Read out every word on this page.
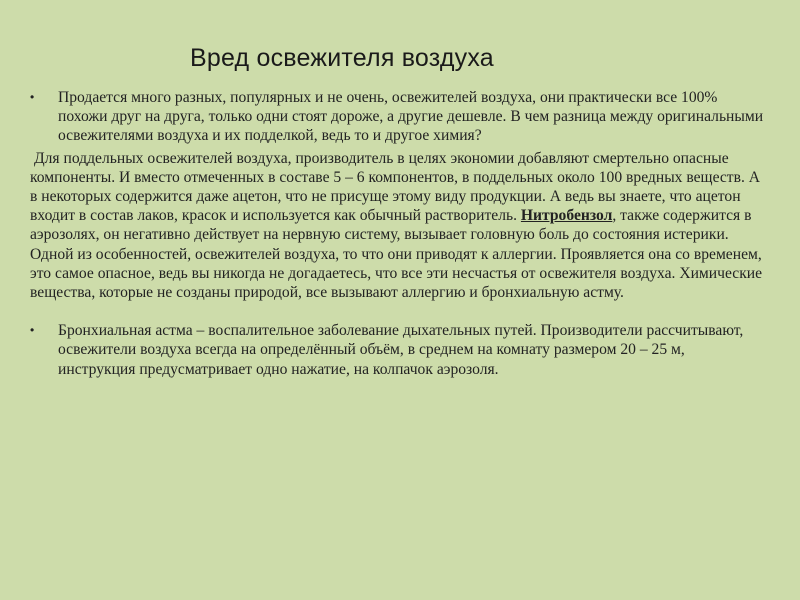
Вред освежителя воздуха
•	Продается много разных, популярных и не очень, освежителей воздуха, они практически все 100% похожи друг на друга, только одни стоят дороже, а другие дешевле. В чем разница между оригинальными освежителями воздуха и их подделкой, ведь то и другое химия?

Для поддельных освежителей воздуха, производитель в целях экономии добавляют смертельно опасные компоненты. И вместо отмеченных в составе 5 – 6 компонентов, в поддельных около 100 вредных веществ. А в некоторых содержится даже ацетон, что не присуще этому виду продукции. А ведь вы знаете, что ацетон входит в состав лаков, красок и используется как обычный растворитель. Нитробензол, также содержится в аэрозолях, он негативно действует на нервную систему, вызывает головную боль до состояния истерики. Одной из особенностей, освежителей воздуха, то что они приводят к аллергии. Проявляется она со временем, это самое опасное, ведь вы никогда не догадаетесь, что все эти несчастья от освежителя воздуха. Химические вещества, которые не созданы природой, все вызывают аллергию и бронхиальную астму.

•	Бронхиальная астма – воспалительное заболевание дыхательных путей. Производители рассчитывают, освежители воздуха всегда на определённый объём, в среднем на комнату размером 20 – 25 м, инструкция предусматривает одно нажатие, на колпачок аэрозоля.
